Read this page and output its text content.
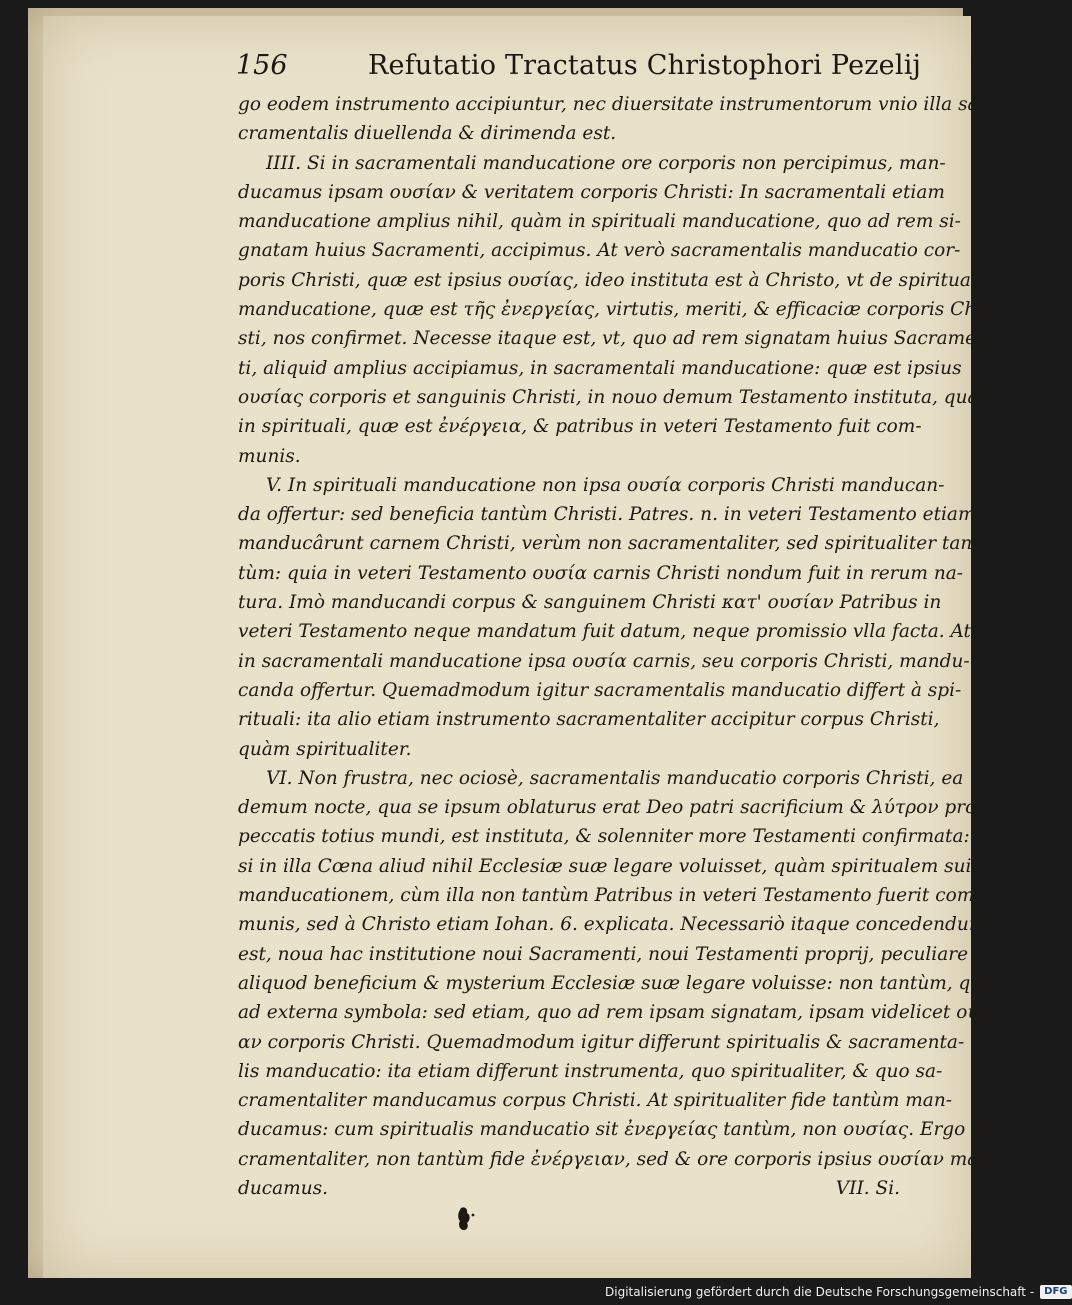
156	Refutatio Tractatus Christophori Pezelij
go eodem instrumento accipiuntur, nec diuersitate instrumentorum vnio illa sa-
cramentalis diuellenda & dirimenda est.
IIII. Si in sacramentali manducatione ore corporis non percipimus, man-
ducamus ipsam ουσίαν & veritatem corporis Christi: In sacramentali etiam
manducatione amplius nihil, quàm in spirituali manducatione, quo ad rem si-
gnatam huius Sacramenti, accipimus. At verò sacramentalis manducatio cor-
poris Christi, quæ est ipsius ουσίας, ideo instituta est à Christo, vt de spirituali
manducatione, quæ est τῆς ἐνεργείας, virtutis, meriti, & efficaciæ corporis Chri-
sti, nos confirmet. Necesse itaque est, vt, quo ad rem signatam huius Sacramen-
ti, aliquid amplius accipiamus, in sacramentali manducatione: quæ est ipsius
ουσίας corporis et sanguinis Christi, in nouo demum Testamento instituta, quàm
in spirituali, quæ est ἐνέργεια, & patribus in veteri Testamento fuit com-
munis.
V. In spirituali manducatione non ipsa ουσία corporis Christi manducan-
da offertur: sed beneficia tantùm Christi. Patres. n. in veteri Testamento etiam
manducârunt carnem Christi, verùm non sacramentaliter, sed spiritualiter tan-
tùm: quia in veteri Testamento ουσία carnis Christi nondum fuit in rerum na-
tura. Imò manducandi corpus & sanguinem Christi κατ' ουσίαν Patribus in
veteri Testamento neque mandatum fuit datum, neque promissio vlla facta. At
in sacramentali manducatione ipsa ουσία carnis, seu corporis Christi, mandu-
canda offertur. Quemadmodum igitur sacramentalis manducatio differt à spi-
rituali: ita alio etiam instrumento sacramentaliter accipitur corpus Christi,
quàm spiritualiter.
VI. Non frustra, nec ociosè, sacramentalis manducatio corporis Christi, ea
demum nocte, qua se ipsum oblaturus erat Deo patri sacrificium & λύτρον pro
peccatis totius mundi, est instituta, & solenniter more Testamenti confirmata:
si in illa Cœna aliud nihil Ecclesiæ suæ legare voluisset, quàm spiritualem sui
manducationem, cùm illa non tantùm Patribus in veteri Testamento fuerit com
munis, sed à Christo etiam Iohan. 6. explicata. Necessariò itaque concedendum
est, noua hac institutione noui Sacramenti, noui Testamenti proprij, peculiare
aliquod beneficium & mysterium Ecclesiæ suæ legare voluisse: non tantùm, quo
ad externa symbola: sed etiam, quo ad rem ipsam signatam, ipsam videlicet ουσί-
αν corporis Christi. Quemadmodum igitur differunt spiritualis & sacramenta-
lis manducatio: ita etiam differunt instrumenta, quo spiritualiter, & quo sa-
cramentaliter manducamus corpus Christi. At spiritualiter fide tantùm man-
ducamus: cum spiritualis manducatio sit ἐνεργείας tantùm, non ουσίας. Ergo sa-
cramentaliter, non tantùm fide ἐνέργειαν, sed & ore corporis ipsius ουσίαν man-
ducamus.	VII. Si.
Digitalisierung gefördert durch die Deutsche Forschungsgemeinschaft -	DFG
